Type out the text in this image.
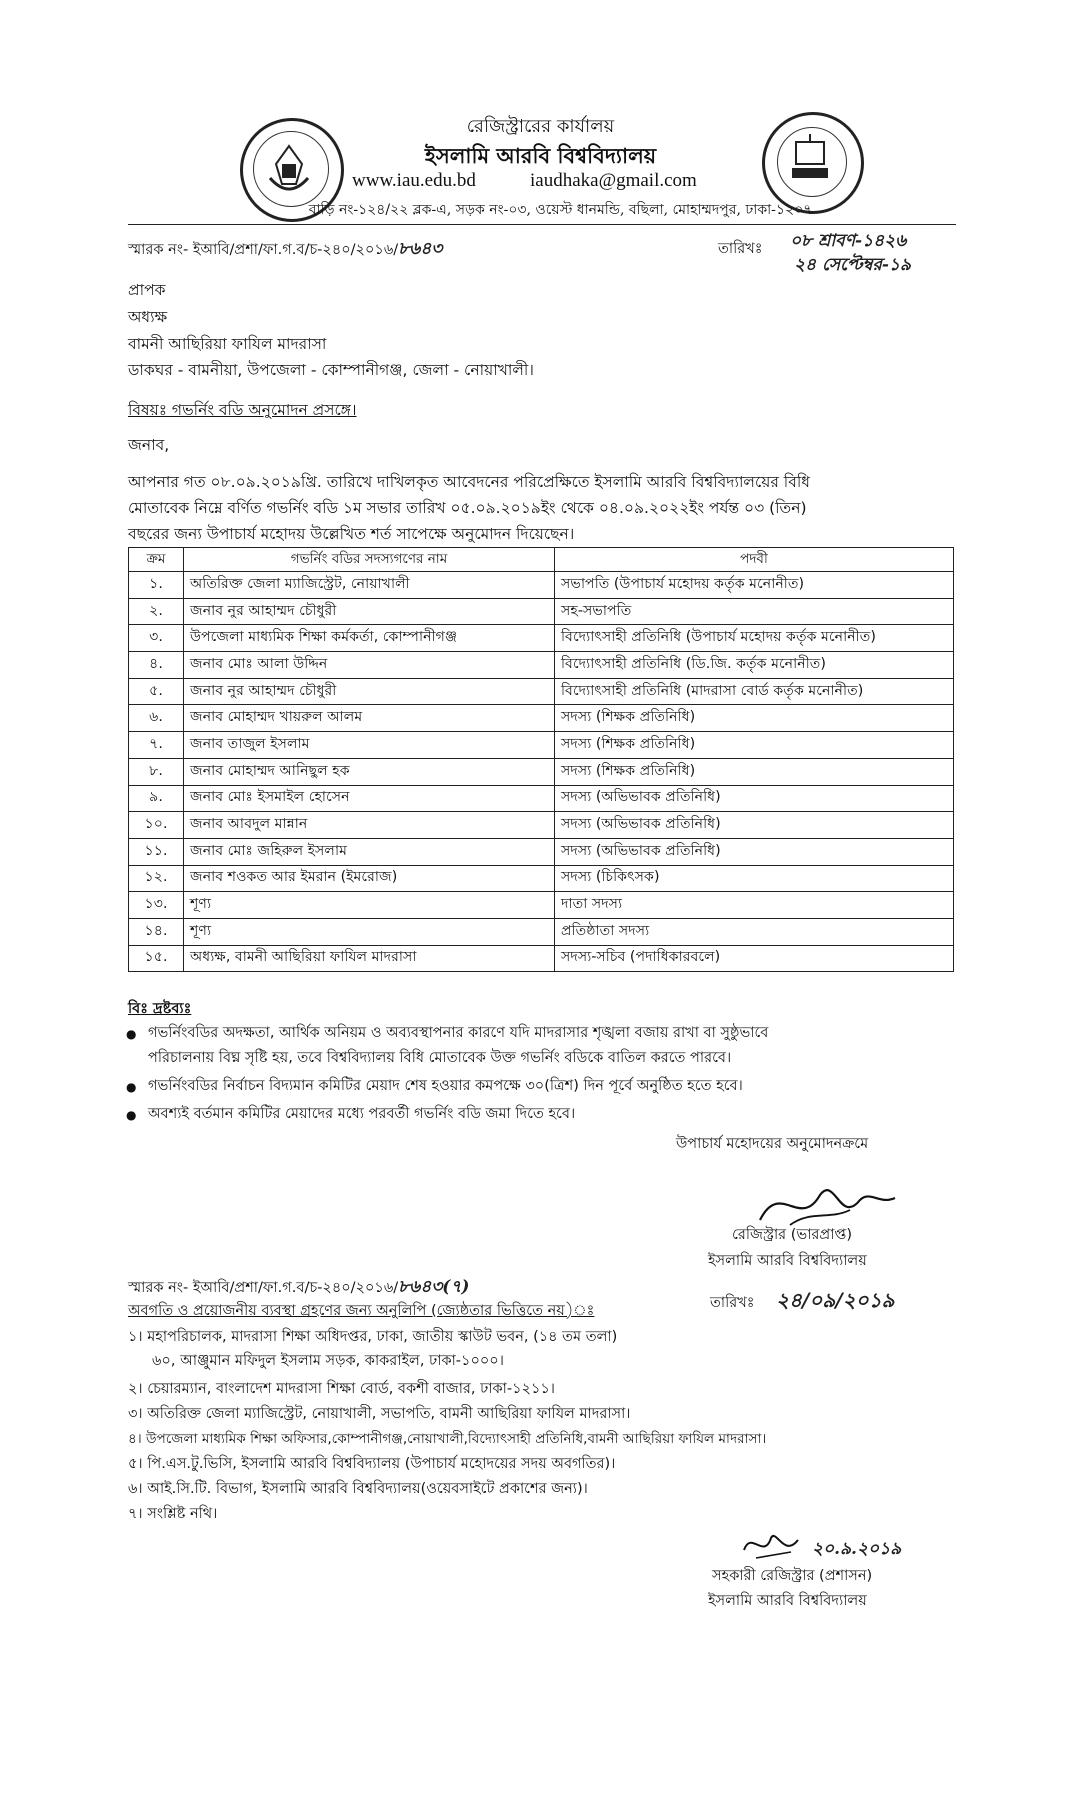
রেজিস্ট্রারের কার্যালয়
ইসলামি আরবি বিশ্ববিদ্যালয়
www.iau.edu.bd	iaudhaka@gmail.com
বাড়ি নং-১২৪/২২ ব্লক-এ, সড়ক নং-০৩, ওয়েস্ট ধানমন্ডি, বছিলা, মোহাম্মদপুর, ঢাকা-১২০৭
স্মারক নং- ইআবি/প্রশা/ফা.গ.ব/চ-২৪০/২০১৬/৮৬৪৩	তারিখঃ ০৮ শ্রাবণ-১৪২৬
২৪ সেপ্টেম্বর-১৯
প্রাপক
অধ্যক্ষ
বামনী আছিরিয়া ফাযিল মাদরাসা
ডাকঘর - বামনীয়া, উপজেলা - কোম্পানীগঞ্জ, জেলা - নোয়াখালী।
বিষয়ঃ গভর্নিং বডি অনুমোদন প্রসঙ্গে।
জনাব,
আপনার গত ০৮.০৯.২০১৯খ্রি. তারিখে দাখিলকৃত আবেদনের পরিপ্রেক্ষিতে ইসলামি আরবি বিশ্ববিদ্যালয়ের বিধি
মোতাবেক নিম্নে বর্ণিত গভর্নিং বডি ১ম সভার তারিখ ০৫.০৯.২০১৯ইং থেকে ০৪.০৯.২০২২ইং পর্যন্ত ০৩ (তিন)
বছরের জন্য উপাচার্য মহোদয় উল্লেখিত শর্ত সাপেক্ষে অনুমোদন দিয়েছেন।
ক্রম	গভর্নিং বডির সদস্যগণের নাম	পদবী
১.	অতিরিক্ত জেলা ম্যাজিস্ট্রেট, নোয়াখালী	সভাপতি (উপাচার্য মহোদয় কর্তৃক মনোনীত)
২.	জনাব নুর আহাম্মদ চৌধুরী	সহ-সভাপতি
৩.	উপজেলা মাধ্যমিক শিক্ষা কর্মকর্তা, কোম্পানীগঞ্জ	বিদ্যোৎসাহী প্রতিনিধি (উপাচার্য মহোদয় কর্তৃক মনোনীত)
৪.	জনাব মোঃ আলা উদ্দিন	বিদ্যোৎসাহী প্রতিনিধি (ডি.জি. কর্তৃক মনোনীত)
৫.	জনাব নুর আহাম্মদ চৌধুরী	বিদ্যোৎসাহী প্রতিনিধি (মাদরাসা বোর্ড কর্তৃক মনোনীত)
৬.	জনাব মোহাম্মদ খায়রুল আলম	সদস্য (শিক্ষক প্রতিনিধি)
৭.	জনাব তাজুল ইসলাম	সদস্য (শিক্ষক প্রতিনিধি)
৮.	জনাব মোহাম্মদ আনিছুল হক	সদস্য (শিক্ষক প্রতিনিধি)
৯.	জনাব মোঃ ইসমাইল হোসেন	সদস্য (অভিভাবক প্রতিনিধি)
১০.	জনাব আবদুল মান্নান	সদস্য (অভিভাবক প্রতিনিধি)
১১.	জনাব মোঃ জহিরুল ইসলাম	সদস্য (অভিভাবক প্রতিনিধি)
১২.	জনাব শওকত আর ইমরান (ইমরোজ)	সদস্য (চিকিৎসক)
১৩.	শূণ্য	দাতা সদস্য
১৪.	শূণ্য	প্রতিষ্ঠাতা সদস্য
১৫.	অধ্যক্ষ, বামনী আছিরিয়া ফাযিল মাদরাসা	সদস্য-সচিব (পদাধিকারবলে)
বিঃ দ্রষ্টব্যঃ
● গভর্নিংবডির অদক্ষতা, আর্থিক অনিয়ম ও অব্যবস্থাপনার কারণে যদি মাদরাসার শৃঙ্খলা বজায় রাখা বা সুষ্ঠুভাবে
পরিচালনায় বিঘ্ন সৃষ্টি হয়, তবে বিশ্ববিদ্যালয় বিধি মোতাবেক উক্ত গভর্নিং বডিকে বাতিল করতে পারবে।
● গভর্নিংবডির নির্বাচন বিদ্যমান কমিটির মেয়াদ শেষ হওয়ার কমপক্ষে ৩০(ত্রিশ) দিন পূর্বে অনুষ্ঠিত হতে হবে।
● অবশ্যই বর্তমান কমিটির মেয়াদের মধ্যে পরবর্তী গভর্নিং বডি জমা দিতে হবে।
উপাচার্য মহোদয়ের অনুমোদনক্রমে
রেজিস্ট্রার (ভারপ্রাপ্ত)
ইসলামি আরবি বিশ্ববিদ্যালয়
স্মারক নং- ইআবি/প্রশা/ফা.গ.ব/চ-২৪০/২০১৬/৮৬৪৩(৭)
অবগতি ও প্রয়োজনীয় ব্যবস্থা গ্রহণের জন্য অনুলিপি (জ্যেষ্ঠতার ভিত্তিতে নয়)ঃ	তারিখঃ ২৪/০৯/২০১৯
১। মহাপরিচালক, মাদরাসা শিক্ষা অধিদপ্তর, ঢাকা, জাতীয় স্কাউট ভবন, (১৪ তম তলা)
৬০, আঞ্জুমান মফিদুল ইসলাম সড়ক, কাকরাইল, ঢাকা-১০০০।
২। চেয়ারম্যান, বাংলাদেশ মাদরাসা শিক্ষা বোর্ড, বকশী বাজার, ঢাকা-১২১১।
৩। অতিরিক্ত জেলা ম্যাজিস্ট্রেট, নোয়াখালী, সভাপতি, বামনী আছিরিয়া ফাযিল মাদরাসা।
৪। উপজেলা মাধ্যমিক শিক্ষা অফিসার,কোম্পানীগঞ্জ,নোয়াখালী,বিদ্যোৎসাহী প্রতিনিধি,বামনী আছিরিয়া ফাযিল মাদরাসা।
৫। পি.এস.টু.ভিসি, ইসলামি আরবি বিশ্ববিদ্যালয় (উপাচার্য মহোদয়ের সদয় অবগতির)।
৬। আই.সি.টি. বিভাগ, ইসলামি আরবি বিশ্ববিদ্যালয়(ওয়েবসাইটে প্রকাশের জন্য)।
৭। সংশ্লিষ্ট নথি।
২০.৯.২০১৯
সহকারী রেজিস্ট্রার (প্রশাসন)
ইসলামি আরবি বিশ্ববিদ্যালয়
